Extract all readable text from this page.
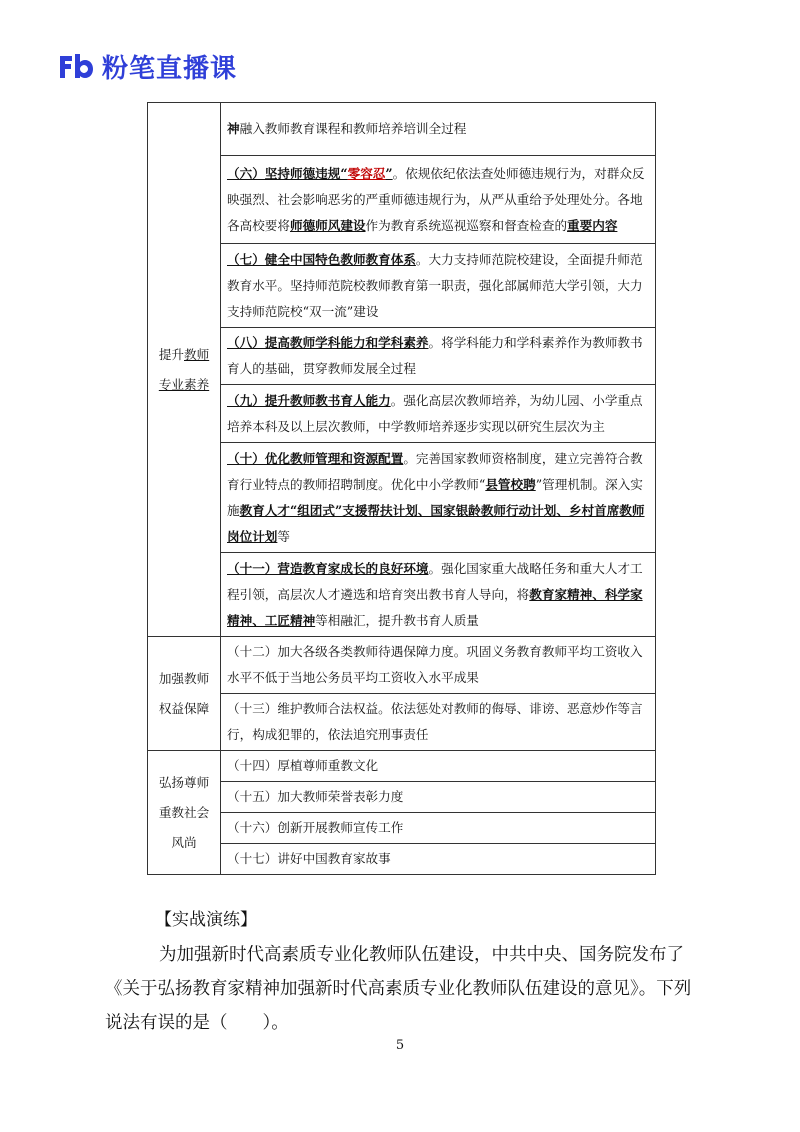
粉笔直播课
提升教师
专业素养	神融入教师教育课程和教师培养培训全过程
	（六）坚持师德违规“零容忍”。依规依纪依法查处师德违规行为，对群众反映强烈、社会影响恶劣的严重师德违规行为，从严从重给予处理处分。各地各高校要将师德师风建设作为教育系统巡视巡察和督查检查的重要内容
	（七）健全中国特色教师教育体系。大力支持师范院校建设，全面提升师范教育水平。坚持师范院校教师教育第一职责，强化部属师范大学引领，大力支持师范院校“双一流”建设
	（八）提高教师学科能力和学科素养。将学科能力和学科素养作为教师教书育人的基础，贯穿教师发展全过程
	（九）提升教师教书育人能力。强化高层次教师培养，为幼儿园、小学重点培养本科及以上层次教师，中学教师培养逐步实现以研究生层次为主
	（十）优化教师管理和资源配置。完善国家教师资格制度，建立完善符合教育行业特点的教师招聘制度。优化中小学教师“县管校聘”管理机制。深入实施教育人才“组团式”支援帮扶计划、国家银龄教师行动计划、乡村首席教师岗位计划等
	（十一）营造教育家成长的良好环境。强化国家重大战略任务和重大人才工程引领，高层次人才遴选和培育突出教书育人导向，将教育家精神、科学家精神、工匠精神等相融汇，提升教书育人质量
加强教师
权益保障	（十二）加大各级各类教师待遇保障力度。巩固义务教育教师平均工资收入水平不低于当地公务员平均工资收入水平成果
	（十三）维护教师合法权益。依法惩处对教师的侮辱、诽谤、恶意炒作等言行，构成犯罪的，依法追究刑事责任
弘扬尊师
重教社会
风尚	（十四）厚植尊师重教文化
	（十五）加大教师荣誉表彰力度
	（十六）创新开展教师宣传工作
	（十七）讲好中国教育家故事
【实战演练】
为加强新时代高素质专业化教师队伍建设，中共中央、国务院发布了《关于弘扬教育家精神加强新时代高素质专业化教师队伍建设的意见》。下列说法有误的是（　　）。
5
